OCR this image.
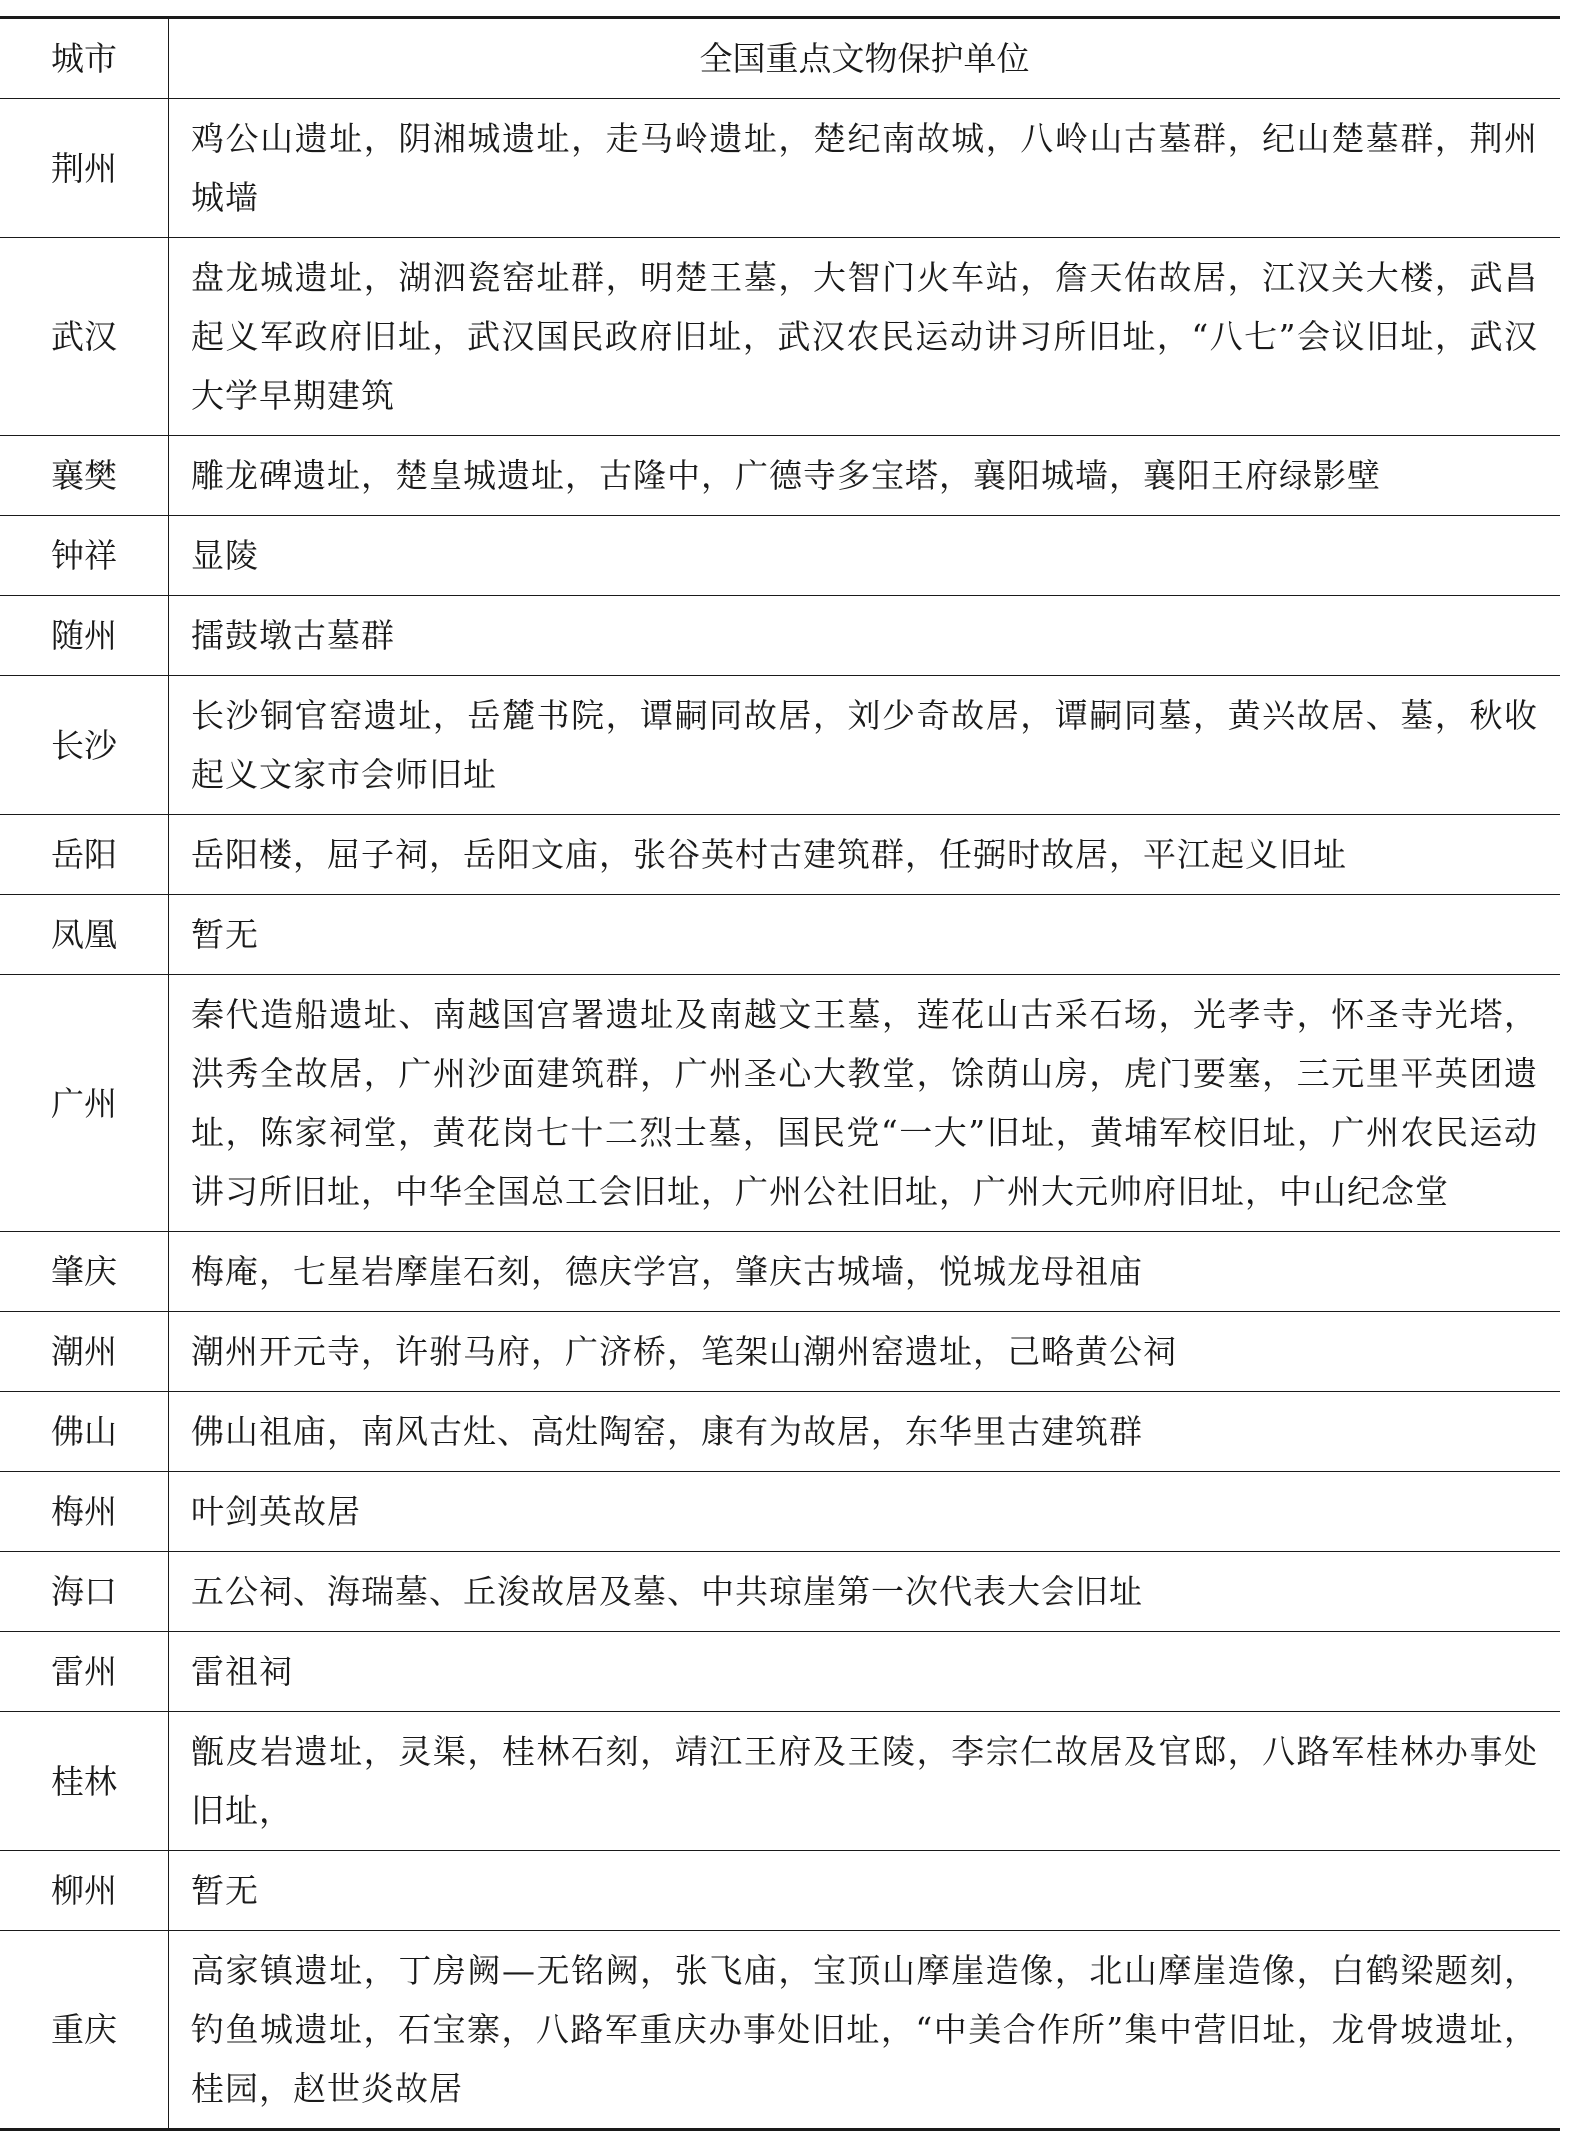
城市	全国重点文物保护单位
荆州	鸡公山遗址，阴湘城遗址，走马岭遗址，楚纪南故城，八岭山古墓群，纪山楚墓群，荆州城墙
武汉	盘龙城遗址，湖泗瓷窑址群，明楚王墓，大智门火车站，詹天佑故居，江汉关大楼，武昌起义军政府旧址，武汉国民政府旧址，武汉农民运动讲习所旧址，“八七”会议旧址，武汉大学早期建筑
襄樊	雕龙碑遗址，楚皇城遗址，古隆中，广德寺多宝塔，襄阳城墙，襄阳王府绿影壁
钟祥	显陵
随州	擂鼓墩古墓群
长沙	长沙铜官窑遗址，岳麓书院，谭嗣同故居，刘少奇故居，谭嗣同墓，黄兴故居、墓，秋收起义文家市会师旧址
岳阳	岳阳楼，屈子祠，岳阳文庙，张谷英村古建筑群，任弼时故居，平江起义旧址
凤凰	暂无
广州	秦代造船遗址、南越国宫署遗址及南越文王墓，莲花山古采石场，光孝寺，怀圣寺光塔，洪秀全故居，广州沙面建筑群，广州圣心大教堂，馀荫山房，虎门要塞，三元里平英团遗址，陈家祠堂，黄花岗七十二烈士墓，国民党“一大”旧址，黄埔军校旧址，广州农民运动讲习所旧址，中华全国总工会旧址，广州公社旧址，广州大元帅府旧址，中山纪念堂
肇庆	梅庵，七星岩摩崖石刻，德庆学宫，肇庆古城墙，悦城龙母祖庙
潮州	潮州开元寺，许驸马府，广济桥，笔架山潮州窑遗址，己略黄公祠
佛山	佛山祖庙，南风古灶、高灶陶窑，康有为故居，东华里古建筑群
梅州	叶剑英故居
海口	五公祠、海瑞墓、丘浚故居及墓、中共琼崖第一次代表大会旧址
雷州	雷祖祠
桂林	甑皮岩遗址，灵渠，桂林石刻，靖江王府及王陵，李宗仁故居及官邸，八路军桂林办事处旧址，
柳州	暂无
重庆	高家镇遗址，丁房阙—无铭阙，张飞庙，宝顶山摩崖造像，北山摩崖造像，白鹤梁题刻，钓鱼城遗址，石宝寨，八路军重庆办事处旧址，“中美合作所”集中营旧址，龙骨坡遗址，桂园，赵世炎故居
